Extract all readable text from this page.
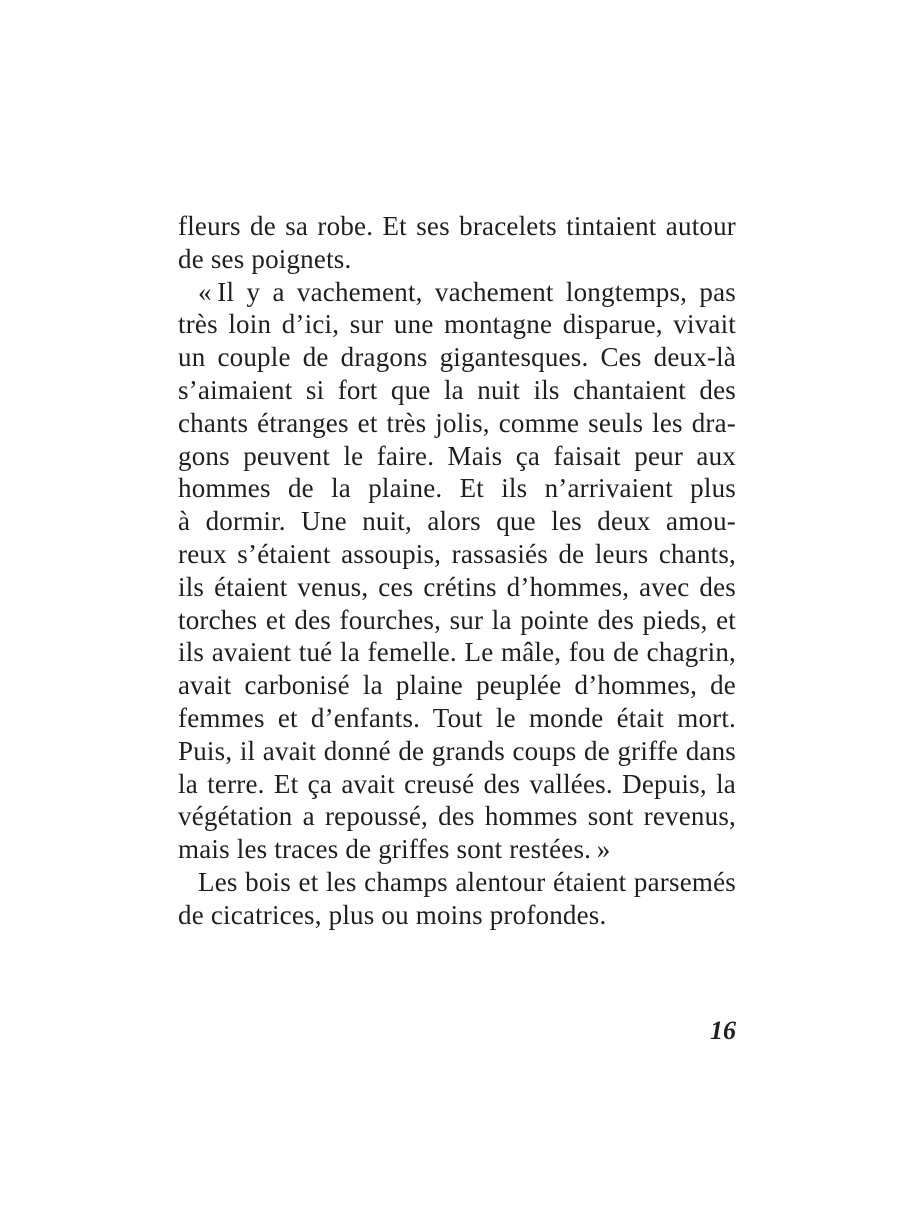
fleurs de sa robe. Et ses bracelets tintaient autour
de ses poignets.
« Il y a vachement, vachement longtemps, pas
très loin d’ici, sur une montagne disparue, vivait
un couple de dragons gigantesques. Ces deux-là
s’aimaient si fort que la nuit ils chantaient des
chants étranges et très jolis, comme seuls les dra-
gons peuvent le faire. Mais ça faisait peur aux
hommes de la plaine. Et ils n’arrivaient plus
à dormir. Une nuit, alors que les deux amou-
reux s’étaient assoupis, rassasiés de leurs chants,
ils étaient venus, ces crétins d’hommes, avec des
torches et des fourches, sur la pointe des pieds, et
ils avaient tué la femelle. Le mâle, fou de chagrin,
avait carbonisé la plaine peuplée d’hommes, de
femmes et d’enfants. Tout le monde était mort.
Puis, il avait donné de grands coups de griffe dans
la terre. Et ça avait creusé des vallées. Depuis, la
végétation a repoussé, des hommes sont revenus,
mais les traces de griffes sont restées. »
Les bois et les champs alentour étaient parsemés
de cicatrices, plus ou moins profondes.
16
